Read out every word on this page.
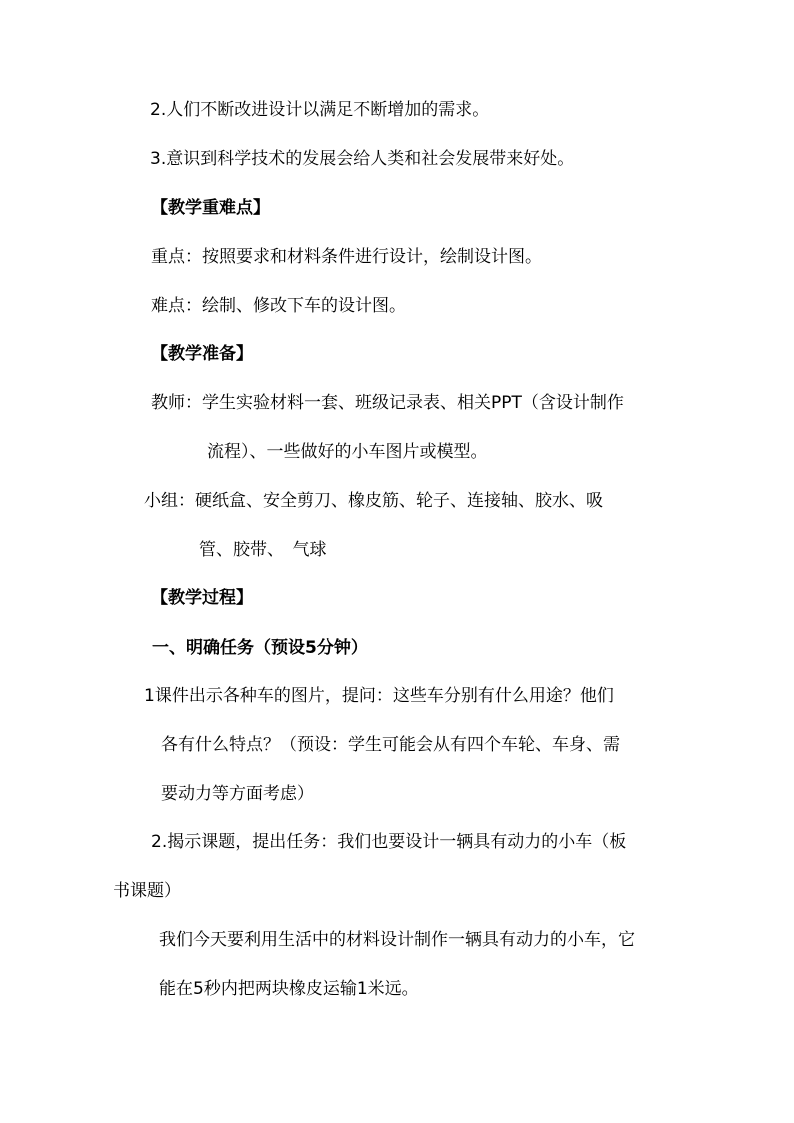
2.人们不断改进设计以满足不断增加的需求。
3.意识到科学技术的发展会给人类和社会发展带来好处。
【教学重难点】
重点：按照要求和材料条件进行设计，绘制设计图。
难点：绘制、修改下车的设计图。
【教学准备】
教师：学生实验材料一套、班级记录表、相关PPT（含设计制作
流程）、一些做好的小车图片或模型。
小组：硬纸盒、安全剪刀、橡皮筋、轮子、连接轴、胶水、吸
管、胶带、　气球
【教学过程】
一、明确任务（预设5分钟）
1课件出示各种车的图片，提问：这些车分别有什么用途？他们
各有什么特点？（预设：学生可能会从有四个车轮、车身、需
要动力等方面考虑）
2.揭示课题，提出任务：我们也要设计一辆具有动力的小车（板
书课题）
我们今天要利用生活中的材料设计制作一辆具有动力的小车，它
能在5秒内把两块橡皮运输1米远。
